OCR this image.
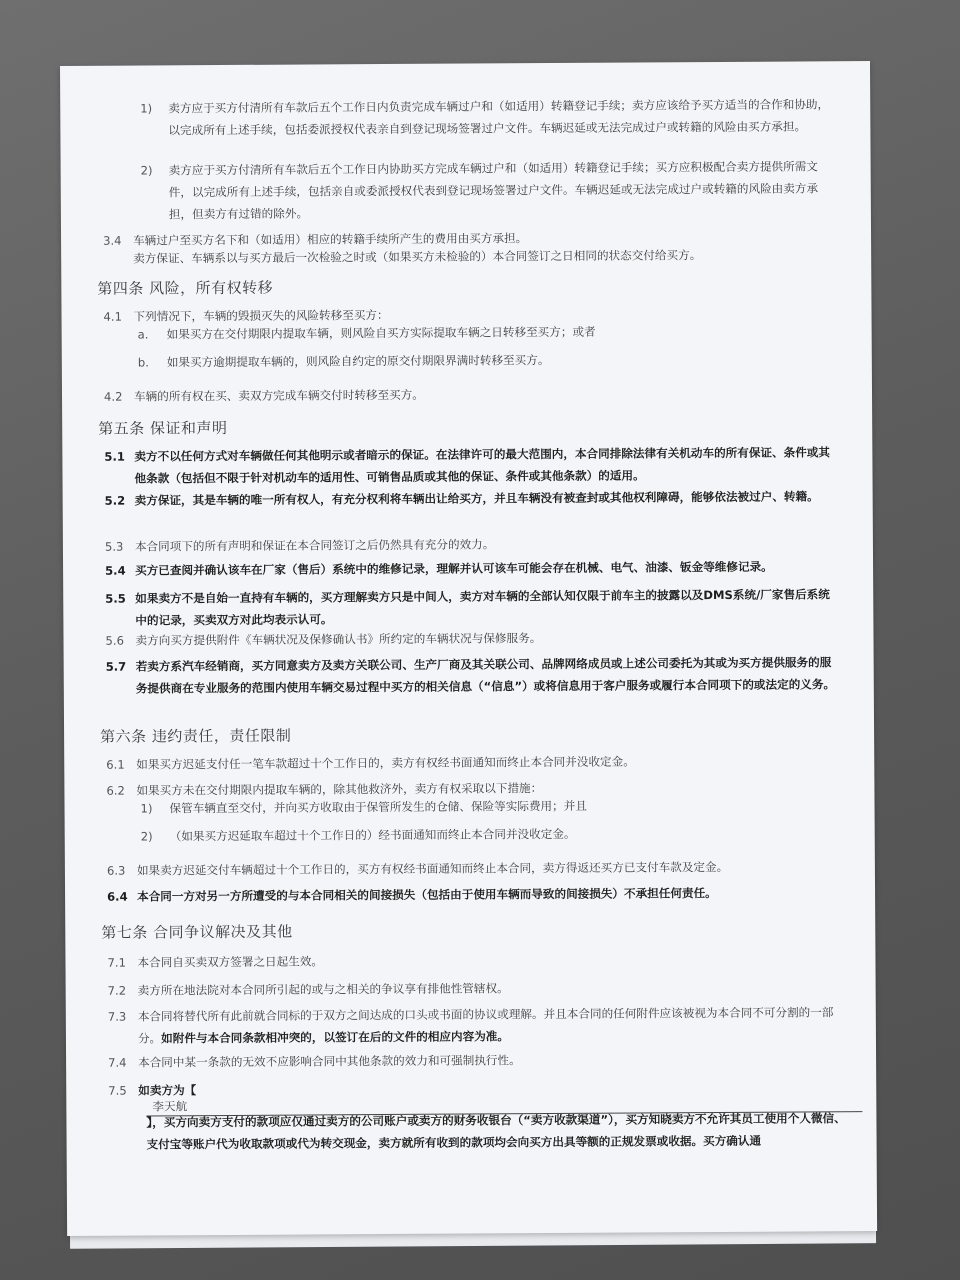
1) 卖方应于买方付清所有车款后五个工作日内负责完成车辆过户和（如适用）转籍登记手续；卖方应该给予买方适当的合作和协助，以完成所有上述手续，包括委派授权代表亲自到登记现场签署过户文件。车辆迟延或无法完成过户或转籍的风险由买方承担。
2) 卖方应于买方付清所有车款后五个工作日内协助买方完成车辆过户和（如适用）转籍登记手续；买方应积极配合卖方提供所需文件，以完成所有上述手续，包括亲自或委派授权代表到登记现场签署过户文件。车辆迟延或无法完成过户或转籍的风险由卖方承担，但卖方有过错的除外。
3.4 车辆过户至买方名下和（如适用）相应的转籍手续所产生的费用由买方承担。
卖方保证、车辆系以与买方最后一次检验之时或（如果买方未检验的）本合同签订之日相同的状态交付给买方。
第四条 风险，所有权转移
4.1 下列情况下，车辆的毁损灭失的风险转移至买方：
a. 如果买方在交付期限内提取车辆，则风险自买方实际提取车辆之日转移至买方；或者
b. 如果买方逾期提取车辆的，则风险自约定的原交付期限界满时转移至买方。
4.2 车辆的所有权在买、卖双方完成车辆交付时转移至买方。
第五条 保证和声明
5.1 卖方不以任何方式对车辆做任何其他明示或者暗示的保证。在法律许可的最大范围内，本合同排除法律有关机动车的所有保证、条件或其他条款（包括但不限于针对机动车的适用性、可销售品质或其他的保证、条件或其他条款）的适用。
5.2 卖方保证，其是车辆的唯一所有权人，有充分权利将车辆出让给买方，并且车辆没有被查封或其他权利障碍，能够依法被过户、转籍。
5.3 本合同项下的所有声明和保证在本合同签订之后仍然具有充分的效力。
5.4 买方已查阅并确认该车在厂家（售后）系统中的维修记录，理解并认可该车可能会存在机械、电气、油漆、钣金等维修记录。
5.5 如果卖方不是自始一直持有车辆的，买方理解卖方只是中间人，卖方对车辆的全部认知仅限于前车主的披露以及DMS系统/厂家售后系统中的记录，买卖双方对此均表示认可。
5.6 卖方向买方提供附件《车辆状况及保修确认书》所约定的车辆状况与保修服务。
5.7 若卖方系汽车经销商，买方同意卖方及卖方关联公司、生产厂商及其关联公司、品牌网络成员或上述公司委托为其或为买方提供服务的服务提供商在专业服务的范围内使用车辆交易过程中买方的相关信息（“信息”）或将信息用于客户服务或履行本合同项下的或法定的义务。
第六条 违约责任，责任限制
6.1 如果买方迟延支付任一笔车款超过十个工作日的，卖方有权经书面通知而终止本合同并没收定金。
6.2 如果买方未在交付期限内提取车辆的，除其他救济外，卖方有权采取以下措施：
1) 保管车辆直至交付，并向买方收取由于保管所发生的仓储、保险等实际费用；并且
2) （如果买方迟延取车超过十个工作日的）经书面通知而终止本合同并没收定金。
6.3 如果卖方迟延交付车辆超过十个工作日的，买方有权经书面通知而终止本合同，卖方得返还买方已支付车款及定金。
6.4 本合同一方对另一方所遭受的与本合同相关的间接损失（包括由于使用车辆而导致的间接损失）不承担任何责任。
第七条 合同争议解决及其他
7.1 本合同自买卖双方签署之日起生效。
7.2 卖方所在地法院对本合同所引起的或与之相关的争议享有排他性管辖权。
7.3 本合同将替代所有此前就合同标的于双方之间达成的口头或书面的协议或理解。并且本合同的任何附件应该被视为本合同不可分割的一部分。如附件与本合同条款相冲突的，以签订在后的文件的相应内容为准。
7.4 本合同中某一条款的无效不应影响合同中其他条款的效力和可强制执行性。
7.5 如卖方为【
李天航
】，买方向卖方支付的款项应仅通过卖方的公司账户或卖方的财务收银台（“卖方收款渠道”），买方知晓卖方不允许其员工使用个人微信、支付宝等账户代为收取款项或代为转交现金，卖方就所有收到的款项均会向买方出具等额的正规发票或收据。买方确认通
